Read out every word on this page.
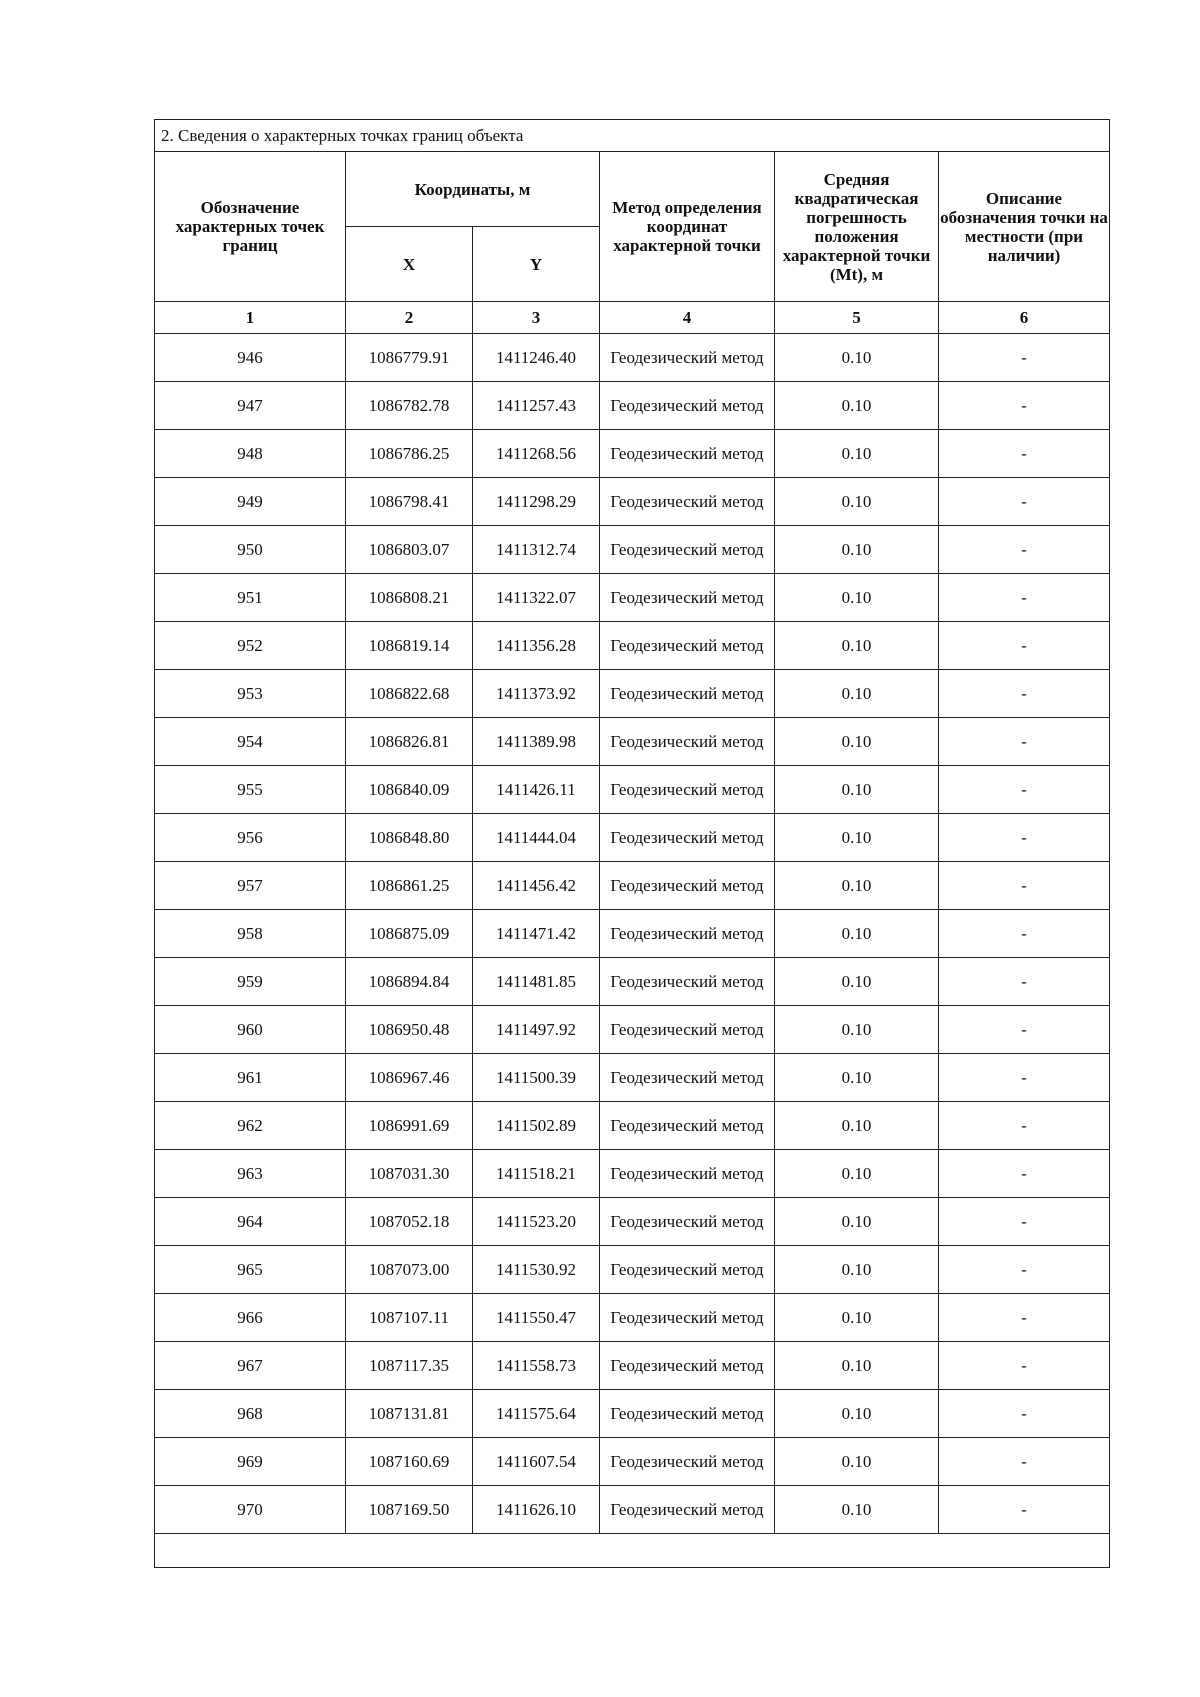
2. Сведения о характерных точках границ объекта					
Обозначение характерных точек границ	Координаты, м		Метод определения координат характерной точки	Средняя квадратическая погрешность положения характерной точки (Mt), м	Описание обозначения точки на местности (при наличии)
	X	Y			
1	2	3	4	5	6
946	1086779.91	1411246.40	Геодезический метод	0.10	-
947	1086782.78	1411257.43	Геодезический метод	0.10	-
948	1086786.25	1411268.56	Геодезический метод	0.10	-
949	1086798.41	1411298.29	Геодезический метод	0.10	-
950	1086803.07	1411312.74	Геодезический метод	0.10	-
951	1086808.21	1411322.07	Геодезический метод	0.10	-
952	1086819.14	1411356.28	Геодезический метод	0.10	-
953	1086822.68	1411373.92	Геодезический метод	0.10	-
954	1086826.81	1411389.98	Геодезический метод	0.10	-
955	1086840.09	1411426.11	Геодезический метод	0.10	-
956	1086848.80	1411444.04	Геодезический метод	0.10	-
957	1086861.25	1411456.42	Геодезический метод	0.10	-
958	1086875.09	1411471.42	Геодезический метод	0.10	-
959	1086894.84	1411481.85	Геодезический метод	0.10	-
960	1086950.48	1411497.92	Геодезический метод	0.10	-
961	1086967.46	1411500.39	Геодезический метод	0.10	-
962	1086991.69	1411502.89	Геодезический метод	0.10	-
963	1087031.30	1411518.21	Геодезический метод	0.10	-
964	1087052.18	1411523.20	Геодезический метод	0.10	-
965	1087073.00	1411530.92	Геодезический метод	0.10	-
966	1087107.11	1411550.47	Геодезический метод	0.10	-
967	1087117.35	1411558.73	Геодезический метод	0.10	-
968	1087131.81	1411575.64	Геодезический метод	0.10	-
969	1087160.69	1411607.54	Геодезический метод	0.10	-
970	1087169.50	1411626.10	Геодезический метод	0.10	-
